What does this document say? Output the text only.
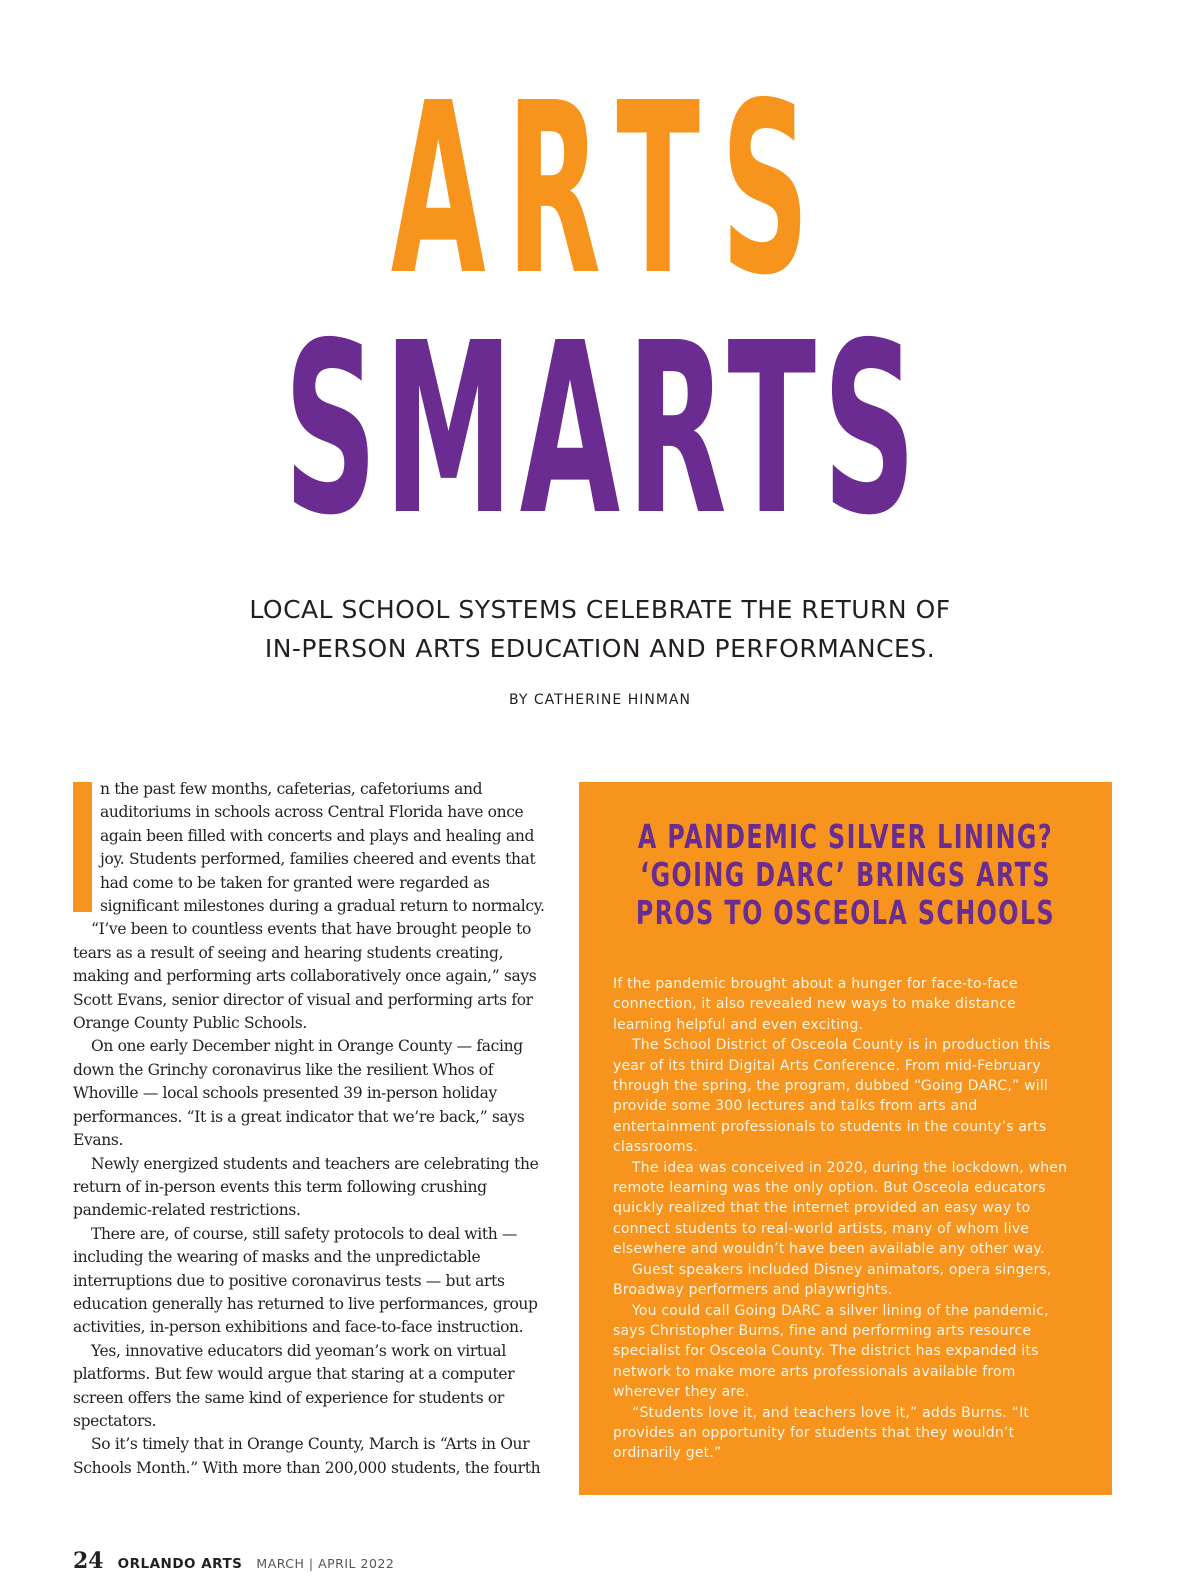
ARTS
SMARTS
LOCAL SCHOOL SYSTEMS CELEBRATE THE RETURN OF
IN-PERSON ARTS EDUCATION AND PERFORMANCES.
BY CATHERINE HINMAN

n the past few months, cafeterias, cafetoriums and auditoriums in schools across Central Florida have once again been filled with concerts and plays and healing and joy. Students performed, families cheered and events that had come to be taken for granted were regarded as significant milestones during a gradual return to normalcy.

“I’ve been to countless events that have brought people to tears as a result of seeing and hearing students creating, making and performing arts collaboratively once again,” says Scott Evans, senior director of visual and performing arts for Orange County Public Schools.

On one early December night in Orange County — facing down the Grinchy coronavirus like the resilient Whos of Whoville — local schools presented 39 in-person holiday performances. “It is a great indicator that we’re back,” says Evans.

Newly energized students and teachers are celebrating the return of in-person events this term following crushing pandemic-related restrictions.

There are, of course, still safety protocols to deal with — including the wearing of masks and the unpredictable interruptions due to positive coronavirus tests — but arts education generally has returned to live performances, group activities, in-person exhibitions and face-to-face instruction.

Yes, innovative educators did yeoman’s work on virtual platforms. But few would argue that staring at a computer screen offers the same kind of experience for students or spectators.

So it’s timely that in Orange County, March is “Arts in Our Schools Month.” With more than 200,000 students, the fourth

A PANDEMIC SILVER LINING?
‘GOING DARC’ BRINGS ARTS
PROS TO OSCEOLA SCHOOLS

If the pandemic brought about a hunger for face-to-face connection, it also revealed new ways to make distance learning helpful and even exciting.

The School District of Osceola County is in production this year of its third Digital Arts Conference. From mid-February through the spring, the program, dubbed “Going DARC,” will provide some 300 lectures and talks from arts and entertainment professionals to students in the county’s arts classrooms.

The idea was conceived in 2020, during the lockdown, when remote learning was the only option. But Osceola educators quickly realized that the internet provided an easy way to connect students to real-world artists, many of whom live elsewhere and wouldn’t have been available any other way.

Guest speakers included Disney animators, opera singers, Broadway performers and playwrights.

You could call Going DARC a silver lining of the pandemic, says Christopher Burns, fine and performing arts resource specialist for Osceola County. The district has expanded its network to make more arts professionals available from wherever they are.

“Students love it, and teachers love it,” adds Burns. “It provides an opportunity for students that they wouldn’t ordinarily get.”

24 ORLANDO ARTS MARCH | APRIL 2022
